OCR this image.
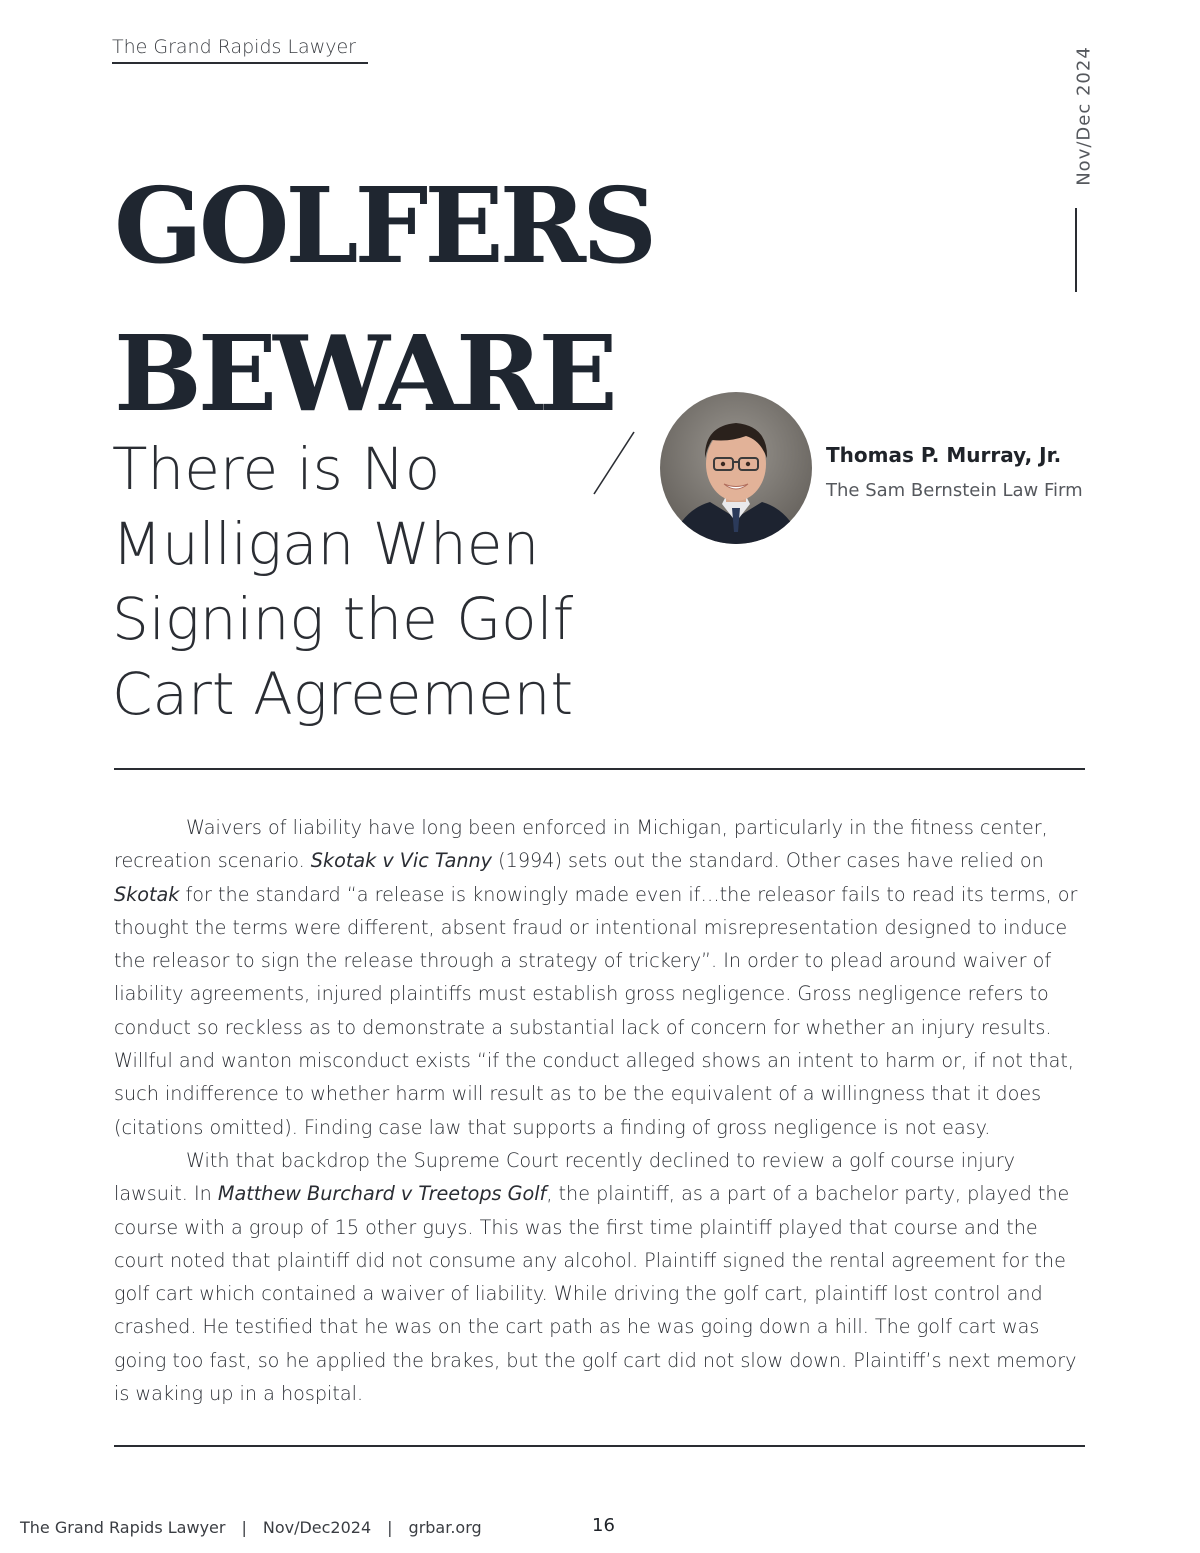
The Grand Rapids Lawyer	Nov/Dec 2024
GOLFERS
BEWARE
There is No
Mulligan When
Signing the Golf
Cart Agreement
Thomas P. Murray, Jr.
The Sam Bernstein Law Firm

Waivers of liability have long been enforced in Michigan, particularly in the fitness center, recreation scenario. Skotak v Vic Tanny (1994) sets out the standard. Other cases have relied on Skotak for the standard “a release is knowingly made even if…the releasor fails to read its terms, or thought the terms were different, absent fraud or intentional misrepresentation designed to induce the releasor to sign the release through a strategy of trickery”. In order to plead around waiver of liability agreements, injured plaintiffs must establish gross negligence. Gross negligence refers to conduct so reckless as to demonstrate a substantial lack of concern for whether an injury results. Willful and wanton misconduct exists “if the conduct alleged shows an intent to harm or, if not that, such indifference to whether harm will result as to be the equivalent of a willingness that it does (citations omitted). Finding case law that supports a finding of gross negligence is not easy.

With that backdrop the Supreme Court recently declined to review a golf course injury lawsuit. In Matthew Burchard v Treetops Golf, the plaintiff, as a part of a bachelor party, played the course with a group of 15 other guys. This was the first time plaintiff played that course and the court noted that plaintiff did not consume any alcohol. Plaintiff signed the rental agreement for the golf cart which contained a waiver of liability. While driving the golf cart, plaintiff lost control and crashed. He testified that he was on the cart path as he was going down a hill. The golf cart was going too fast, so he applied the brakes, but the golf cart did not slow down. Plaintiff’s next memory is waking up in a hospital.

The Grand Rapids Lawyer | Nov/Dec2024 | grbar.org	16
